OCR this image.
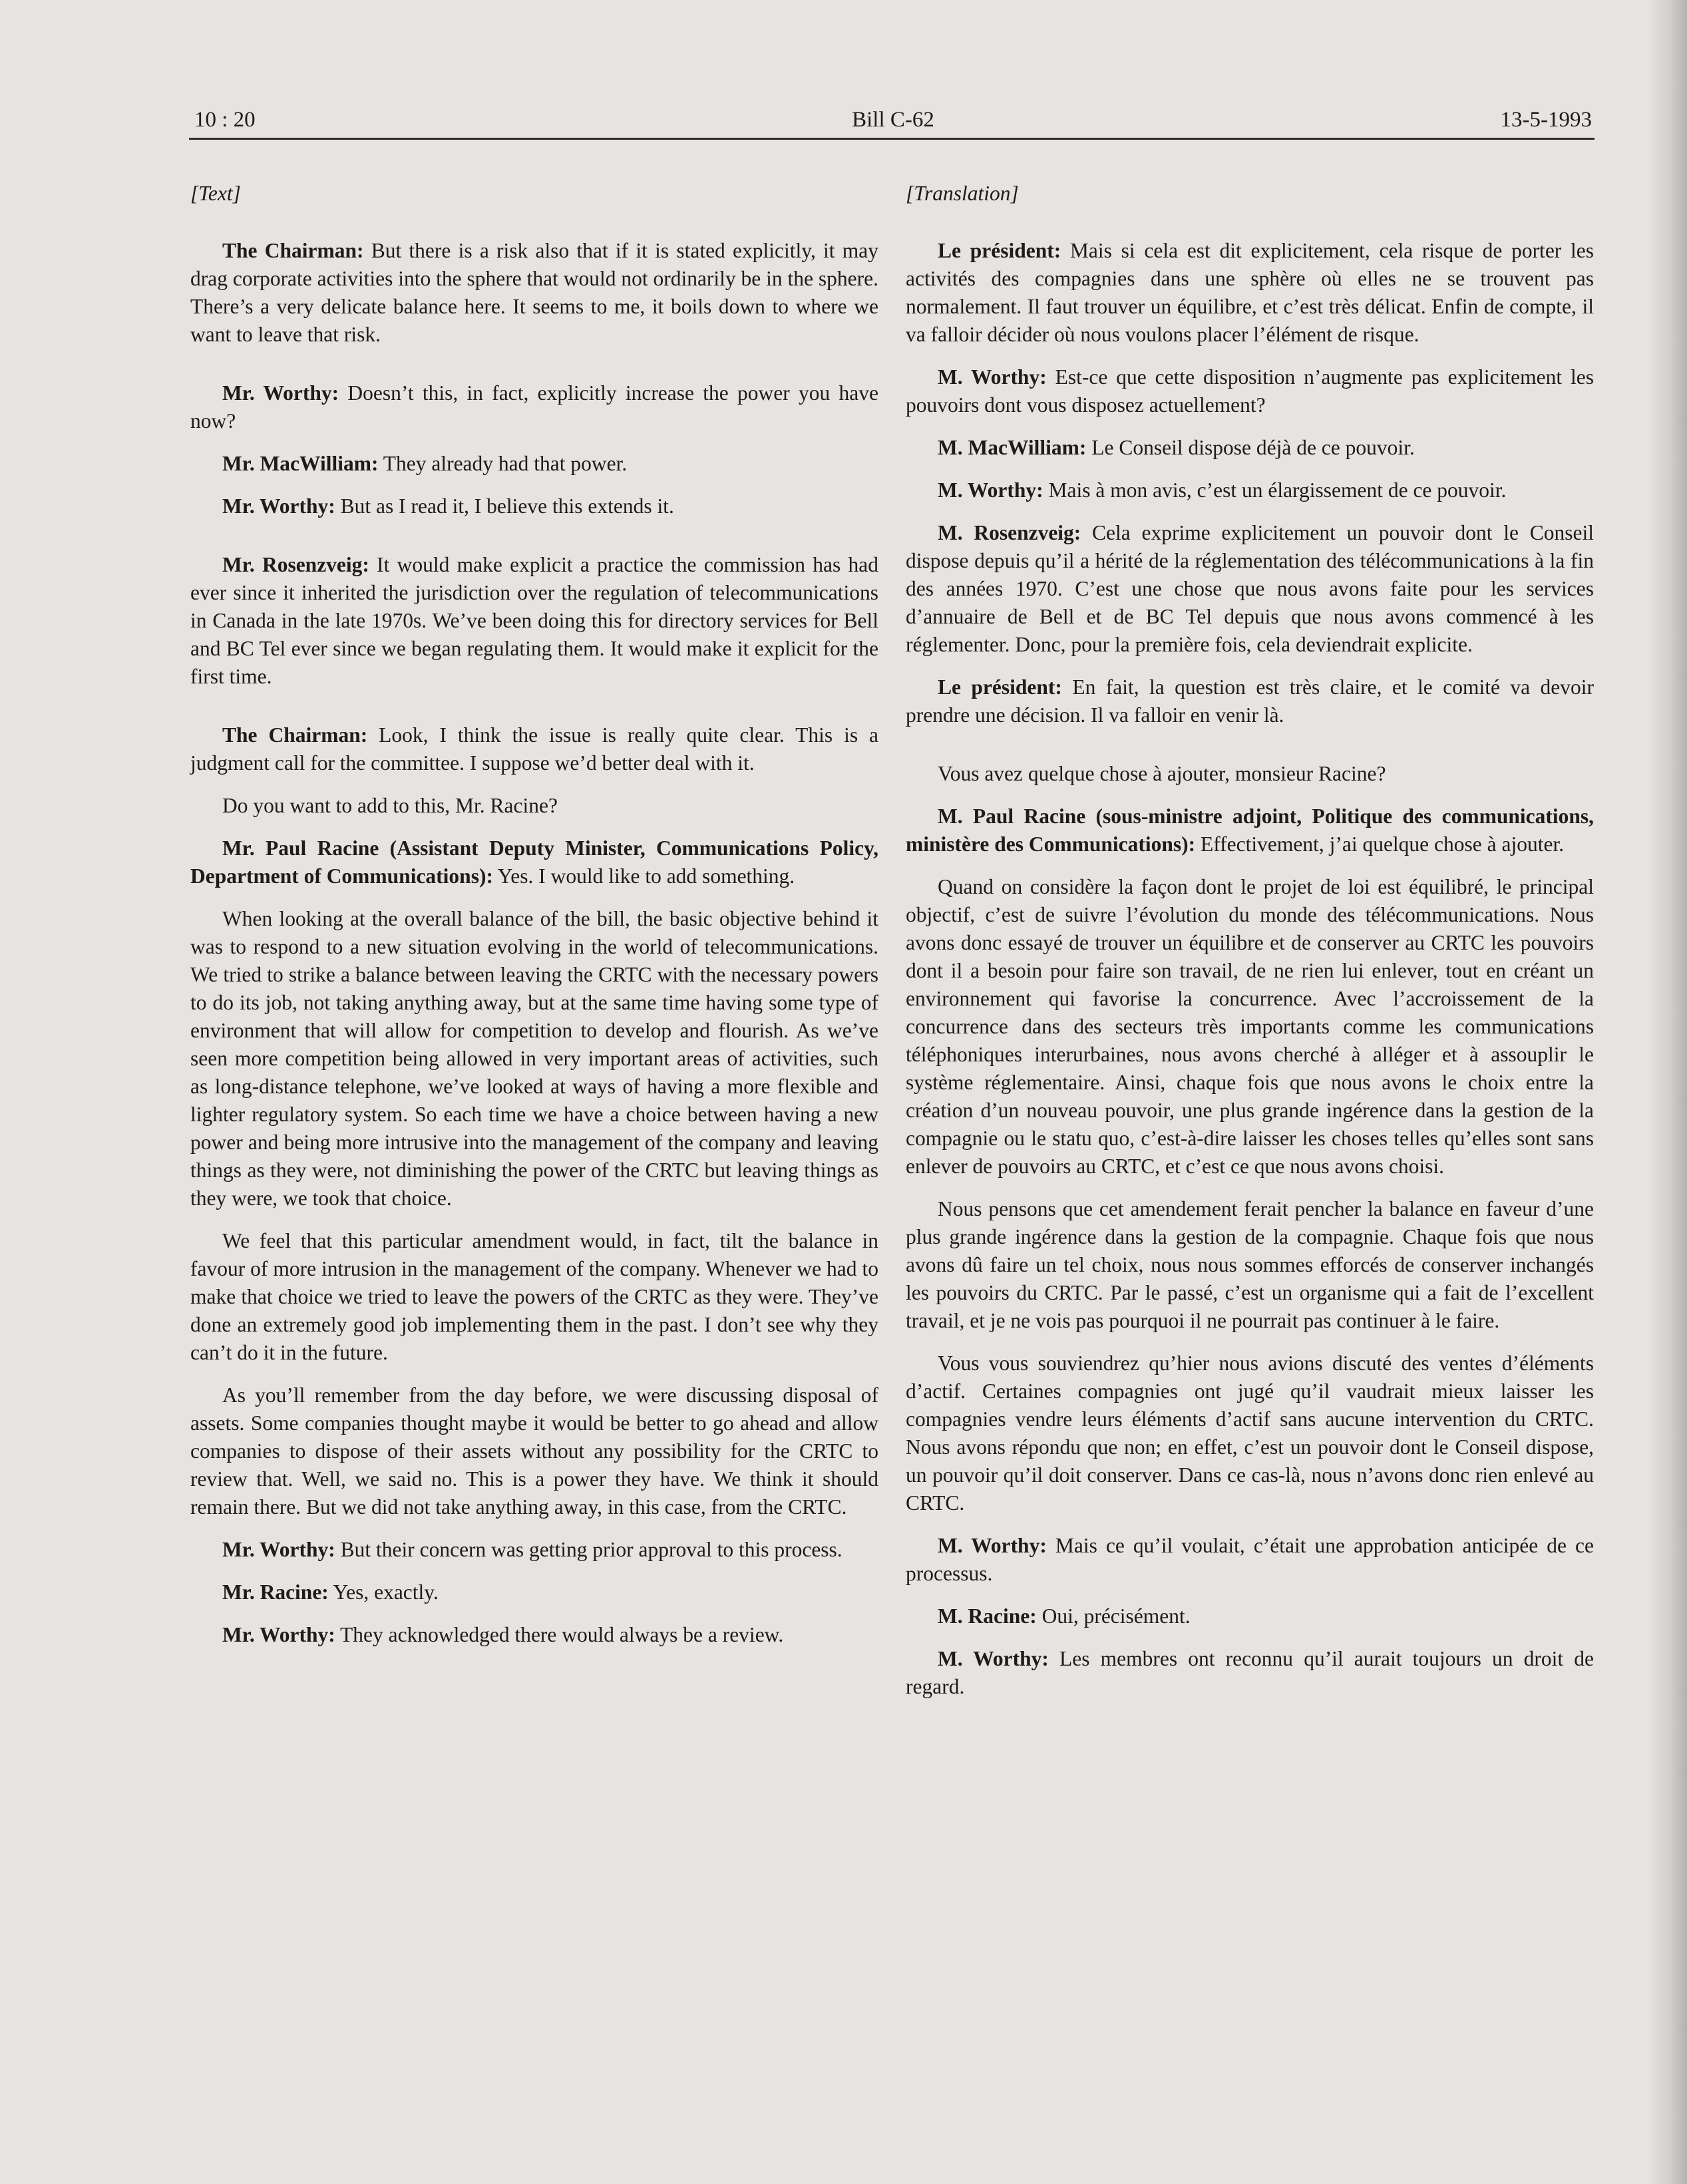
10 : 20	Bill C-62	13-5-1993

[Text]

The Chairman: But there is a risk also that if it is stated explicitly, it may drag corporate activities into the sphere that would not ordinarily be in the sphere. There’s a very delicate balance here. It seems to me, it boils down to where we want to leave that risk.

Mr. Worthy: Doesn’t this, in fact, explicitly increase the power you have now?

Mr. MacWilliam: They already had that power.

Mr. Worthy: But as I read it, I believe this extends it.

Mr. Rosenzveig: It would make explicit a practice the commission has had ever since it inherited the jurisdiction over the regulation of telecommunications in Canada in the late 1970s. We’ve been doing this for directory services for Bell and BC Tel ever since we began regulating them. It would make it explicit for the first time.

The Chairman: Look, I think the issue is really quite clear. This is a judgment call for the committee. I suppose we’d better deal with it.

Do you want to add to this, Mr. Racine?

Mr. Paul Racine (Assistant Deputy Minister, Communications Policy, Department of Communications): Yes. I would like to add something.

When looking at the overall balance of the bill, the basic objective behind it was to respond to a new situation evolving in the world of telecommunications. We tried to strike a balance between leaving the CRTC with the necessary powers to do its job, not taking anything away, but at the same time having some type of environment that will allow for competition to develop and flourish. As we’ve seen more competition being allowed in very important areas of activities, such as long-distance telephone, we’ve looked at ways of having a more flexible and lighter regulatory system. So each time we have a choice between having a new power and being more intrusive into the management of the company and leaving things as they were, not diminishing the power of the CRTC but leaving things as they were, we took that choice.

We feel that this particular amendment would, in fact, tilt the balance in favour of more intrusion in the management of the company. Whenever we had to make that choice we tried to leave the powers of the CRTC as they were. They’ve done an extremely good job implementing them in the past. I don’t see why they can’t do it in the future.

As you’ll remember from the day before, we were discussing disposal of assets. Some companies thought maybe it would be better to go ahead and allow companies to dispose of their assets without any possibility for the CRTC to review that. Well, we said no. This is a power they have. We think it should remain there. But we did not take anything away, in this case, from the CRTC.

Mr. Worthy: But their concern was getting prior approval to this process.

Mr. Racine: Yes, exactly.

Mr. Worthy: They acknowledged there would always be a review.

[Translation]

Le président: Mais si cela est dit explicitement, cela risque de porter les activités des compagnies dans une sphère où elles ne se trouvent pas normalement. Il faut trouver un équilibre, et c’est très délicat. Enfin de compte, il va falloir décider où nous voulons placer l’élément de risque.

M. Worthy: Est-ce que cette disposition n’augmente pas explicitement les pouvoirs dont vous disposez actuellement?

M. MacWilliam: Le Conseil dispose déjà de ce pouvoir.

M. Worthy: Mais à mon avis, c’est un élargissement de ce pouvoir.

M. Rosenzveig: Cela exprime explicitement un pouvoir dont le Conseil dispose depuis qu’il a hérité de la réglementation des télécommunications à la fin des années 1970. C’est une chose que nous avons faite pour les services d’annuaire de Bell et de BC Tel depuis que nous avons commencé à les réglementer. Donc, pour la première fois, cela deviendrait explicite.

Le président: En fait, la question est très claire, et le comité va devoir prendre une décision. Il va falloir en venir là.

Vous avez quelque chose à ajouter, monsieur Racine?

M. Paul Racine (sous-ministre adjoint, Politique des communications, ministère des Communications): Effectivement, j’ai quelque chose à ajouter.

Quand on considère la façon dont le projet de loi est équilibré, le principal objectif, c’est de suivre l’évolution du monde des télécommunications. Nous avons donc essayé de trouver un équilibre et de conserver au CRTC les pouvoirs dont il a besoin pour faire son travail, de ne rien lui enlever, tout en créant un environnement qui favorise la concurrence. Avec l’accroissement de la concurrence dans des secteurs très importants comme les communications téléphoniques interurbaines, nous avons cherché à alléger et à assouplir le système réglementaire. Ainsi, chaque fois que nous avons le choix entre la création d’un nouveau pouvoir, une plus grande ingérence dans la gestion de la compagnie ou le statu quo, c’est-à-dire laisser les choses telles qu’elles sont sans enlever de pouvoirs au CRTC, et c’est ce que nous avons choisi.

Nous pensons que cet amendement ferait pencher la balance en faveur d’une plus grande ingérence dans la gestion de la compagnie. Chaque fois que nous avons dû faire un tel choix, nous nous sommes efforcés de conserver inchangés les pouvoirs du CRTC. Par le passé, c’est un organisme qui a fait de l’excellent travail, et je ne vois pas pourquoi il ne pourrait pas continuer à le faire.

Vous vous souviendrez qu’hier nous avions discuté des ventes d’éléments d’actif. Certaines compagnies ont jugé qu’il vaudrait mieux laisser les compagnies vendre leurs éléments d’actif sans aucune intervention du CRTC. Nous avons répondu que non; en effet, c’est un pouvoir dont le Conseil dispose, un pouvoir qu’il doit conserver. Dans ce cas-là, nous n’avons donc rien enlevé au CRTC.

M. Worthy: Mais ce qu’il voulait, c’était une approbation anticipée de ce processus.

M. Racine: Oui, précisément.

M. Worthy: Les membres ont reconnu qu’il aurait toujours un droit de regard.
